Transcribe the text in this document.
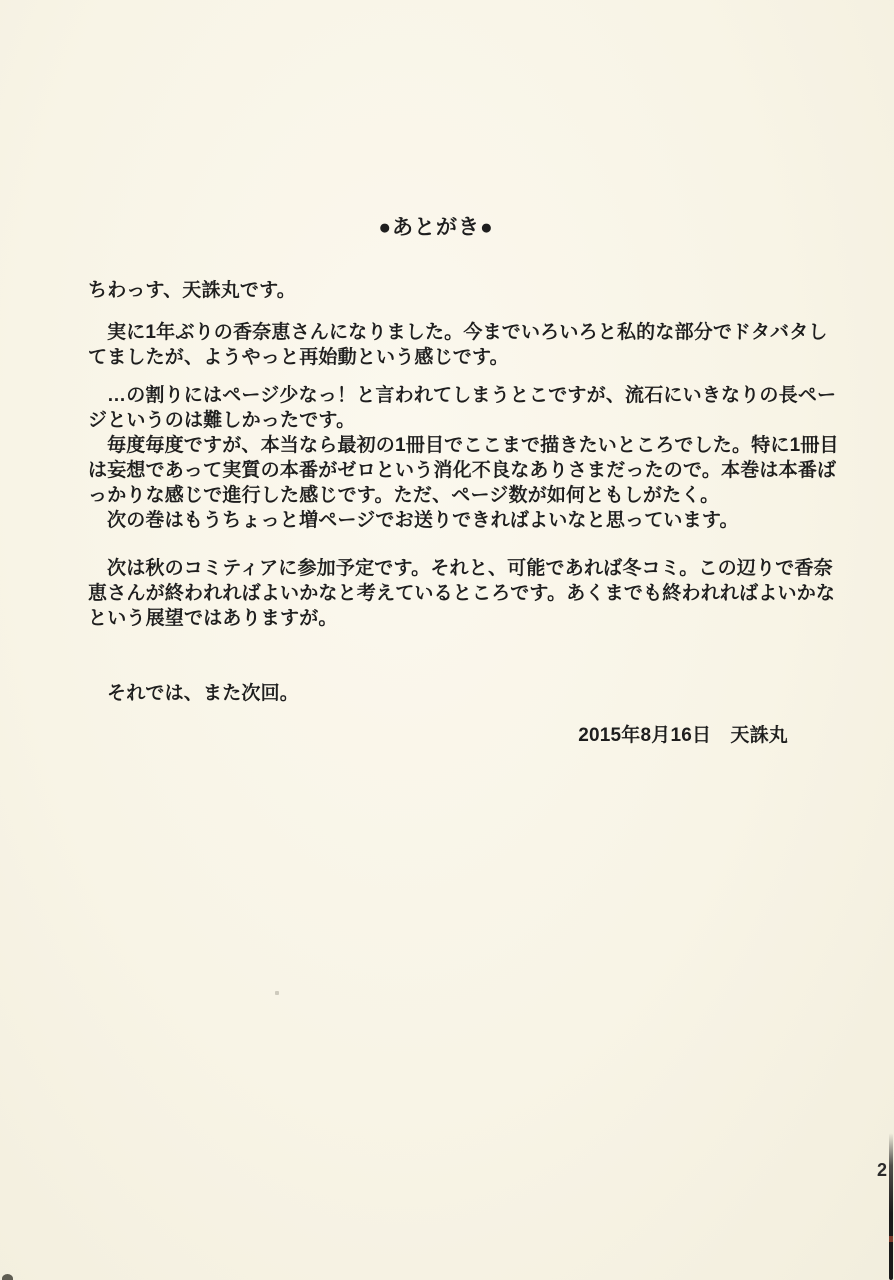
●あとがき●
ちわっす、天誅丸です。
実に1年ぶりの香奈恵さんになりました。今までいろいろと私的な部分でドタバタし
てましたが、ようやっと再始動という感じです。
…の割りにはページ少なっ！と言われてしまうとこですが、流石にいきなりの長ペー
ジというのは難しかったです。
毎度毎度ですが、本当なら最初の1冊目でここまで描きたいところでした。特に1冊目
は妄想であって実質の本番がゼロという消化不良なありさまだったので。本巻は本番ば
っかりな感じで進行した感じです。ただ、ページ数が如何ともしがたく。
次の巻はもうちょっと増ページでお送りできればよいなと思っています。
次は秋のコミティアに参加予定です。それと、可能であれば冬コミ。この辺りで香奈
恵さんが終われればよいかなと考えているところです。あくまでも終われればよいかな
という展望ではありますが。
それでは、また次回。
2015年8月16日　天誅丸
2
